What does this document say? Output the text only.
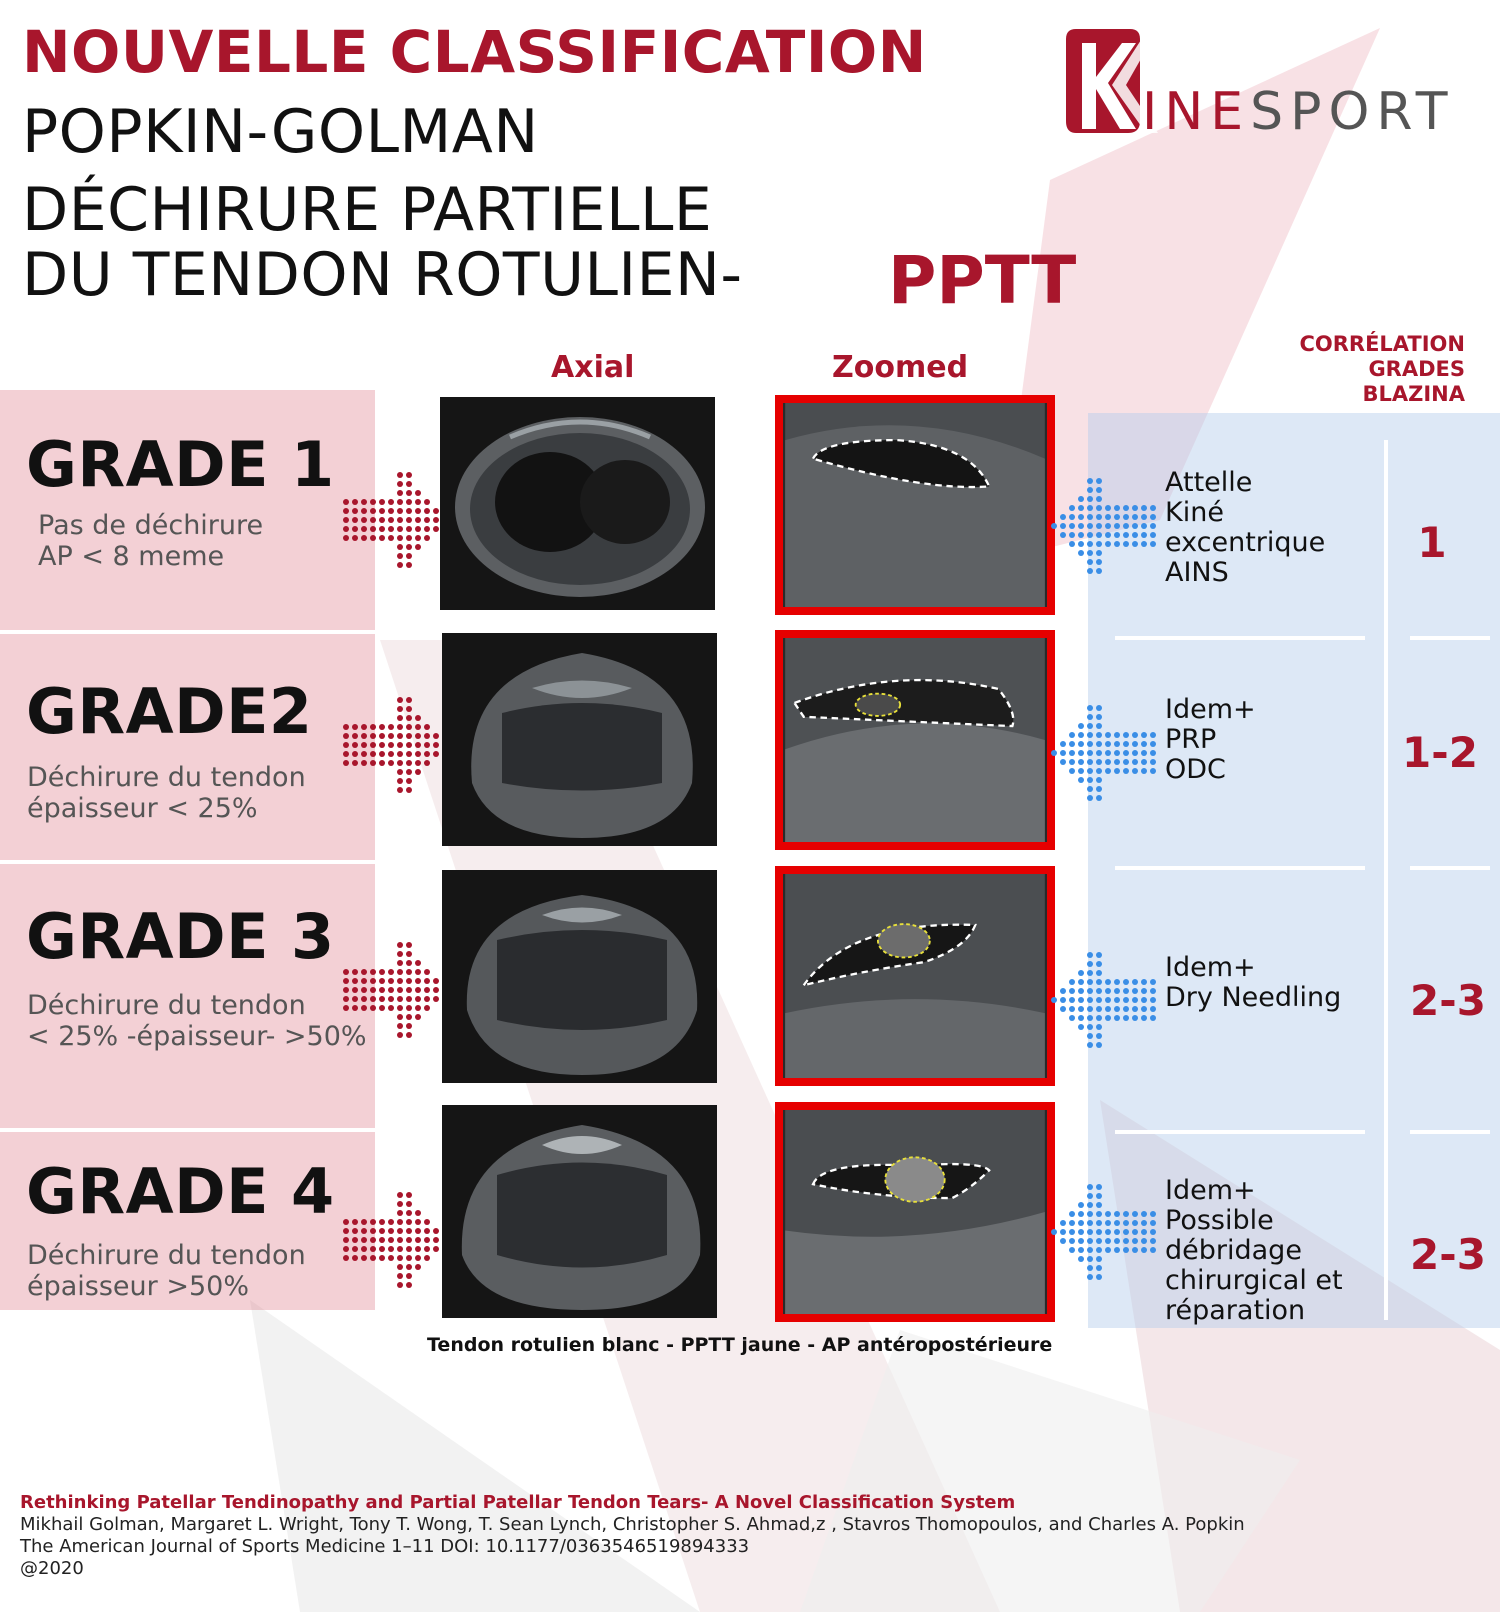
NOUVELLE CLASSIFICATION
POPKIN-GOLMAN
DÉCHIRURE PARTIELLE
DU TENDON ROTULIEN- PPTT
INESPORT
Axial	Zoomed
CORRÉLATION
GRADES
BLAZINA
GRADE 1
Pas de déchirure
AP < 8 meme
GRADE2
Déchirure du tendon
épaisseur < 25%
GRADE 3
Déchirure du tendon
< 25% -épaisseur- >50%
GRADE 4
Déchirure du tendon
épaisseur >50%
Attelle
Kiné
excentrique
AINS
Idem+
PRP
ODC
Idem+
Dry Needling
Idem+
Possible
débridage
chirurgical et
réparation
1
1-2
2-3
2-3
Tendon rotulien blanc - PPTT jaune - AP antéropostérieure
Rethinking Patellar Tendinopathy and Partial Patellar Tendon Tears- A Novel Classification System
Mikhail Golman, Margaret L. Wright, Tony T. Wong, T. Sean Lynch, Christopher S. Ahmad,z , Stavros Thomopoulos, and Charles A. Popkin
The American Journal of Sports Medicine 1–11 DOI: 10.1177/0363546519894333
@2020
